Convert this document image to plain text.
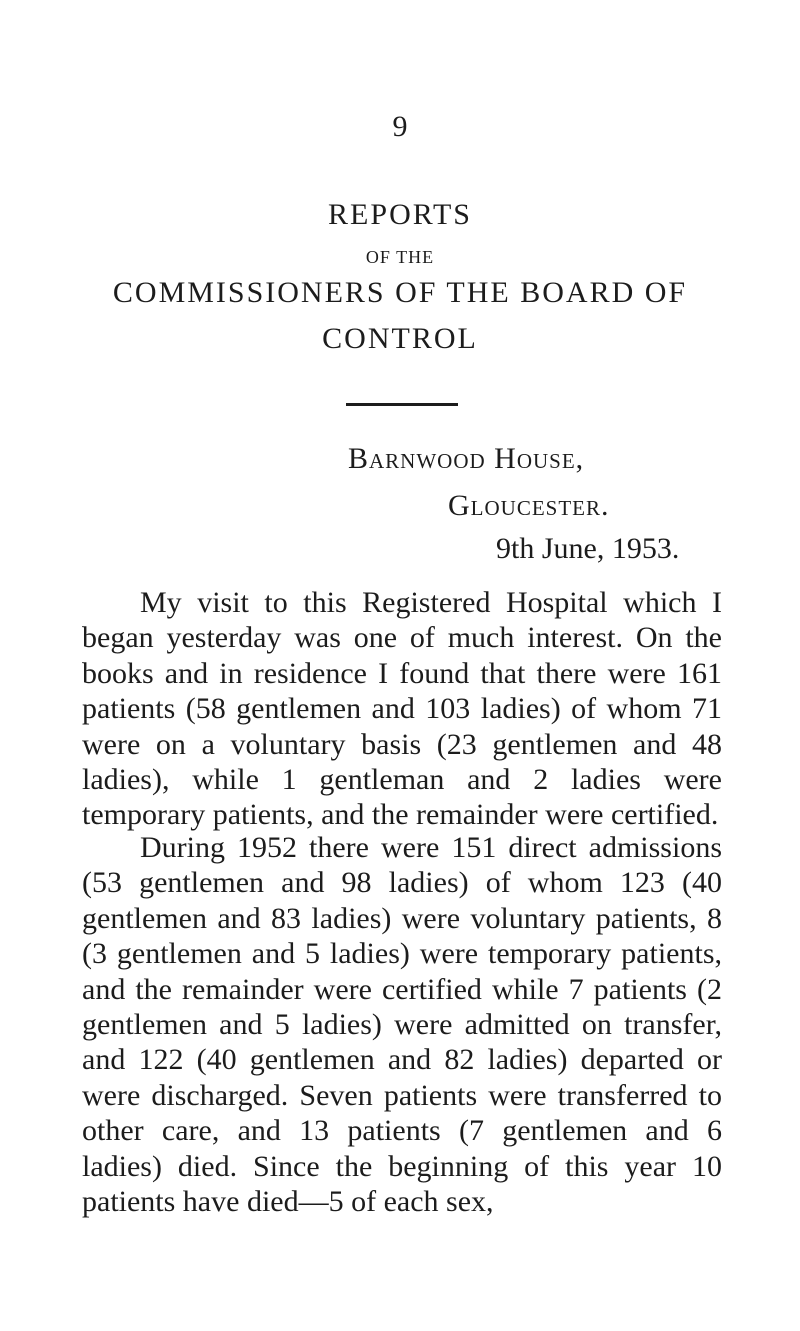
9
REPORTS
OF THE
COMMISSIONERS OF THE BOARD OF
CONTROL
Barnwood House,
Gloucester.
9th June, 1953.
My visit to this Registered Hospital which I began yesterday was one of much interest. On the books and in residence I found that there were 161 patients (58 gentlemen and 103 ladies) of whom 71 were on a voluntary basis (23 gentlemen and 48 ladies), while 1 gentleman and 2 ladies were temporary patients, and the remainder were certified.
During 1952 there were 151 direct admissions (53 gentlemen and 98 ladies) of whom 123 (40 gentlemen and 83 ladies) were voluntary patients, 8 (3 gentlemen and 5 ladies) were temporary patients, and the remainder were certified while 7 patients (2 gentlemen and 5 ladies) were admitted on transfer, and 122 (40 gentlemen and 82 ladies) departed or were discharged. Seven patients were transferred to other care, and 13 patients (7 gentlemen and 6 ladies) died. Since the beginning of this year 10 patients have died—5 of each sex,
